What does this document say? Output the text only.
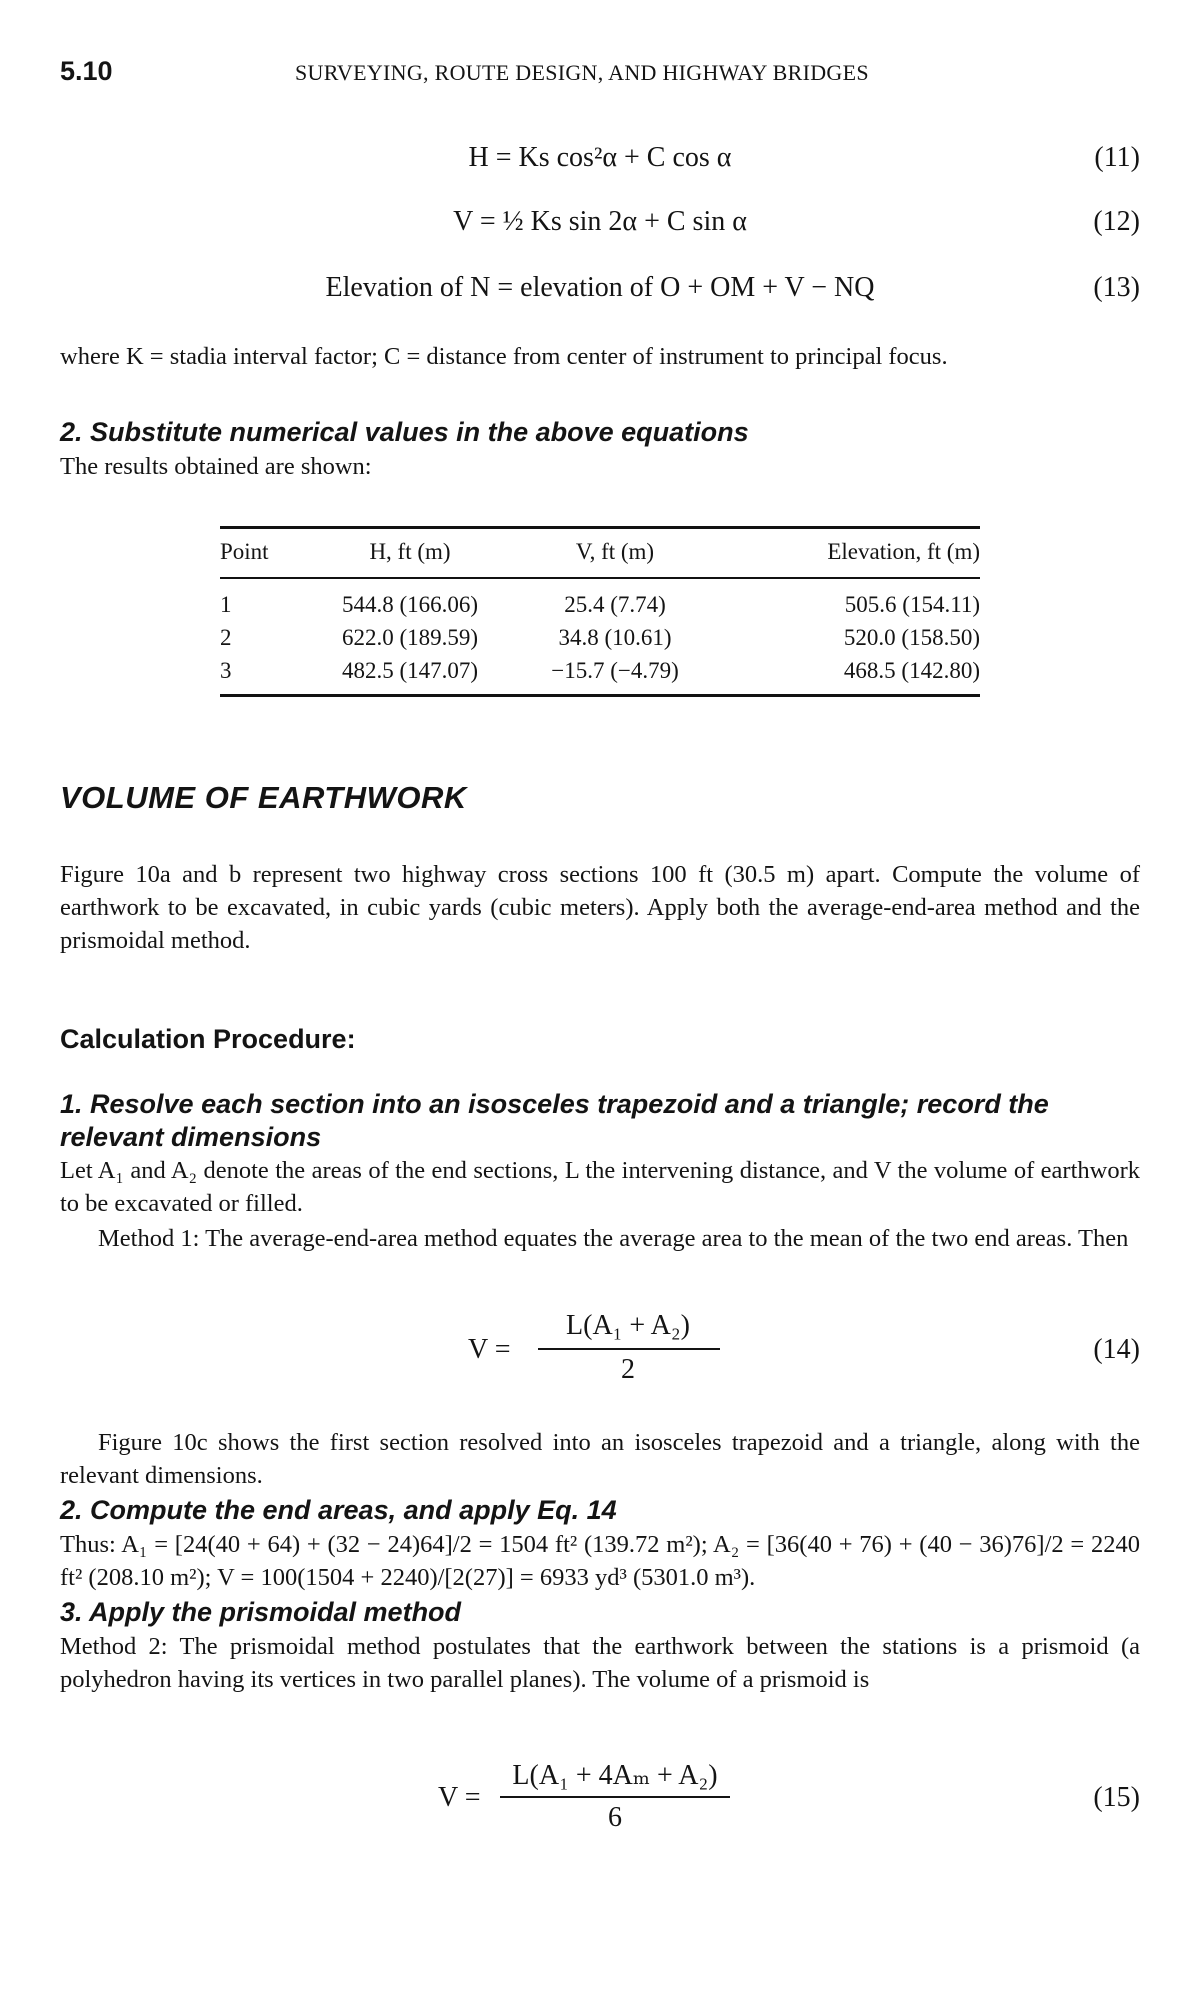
5.10	SURVEYING, ROUTE DESIGN, AND HIGHWAY BRIDGES
H = Ks cos²α + C cos α	(11)
V = ½ Ks sin 2α + C sin α	(12)
Elevation of N = elevation of O + OM + V − NQ	(13)

where K = stadia interval factor; C = distance from center of instrument to principal focus.

2. Substitute numerical values in the above equations

The results obtained are shown:

Point	H, ft (m)	V, ft (m)	Elevation, ft (m)
1	544.8 (166.06)	25.4 (7.74)	505.6 (154.11)
2	622.0 (189.59)	34.8 (10.61)	520.0 (158.50)
3	482.5 (147.07)	−15.7 (−4.79)	468.5 (142.80)
VOLUME OF EARTHWORK

Figure 10a and b represent two highway cross sections 100 ft (30.5 m) apart. Compute the volume of earthwork to be excavated, in cubic yards (cubic meters). Apply both the average-end-area method and the prismoidal method.

Calculation Procedure:

1. Resolve each section into an isosceles trapezoid and a triangle; record the relevant dimensions

Let A₁ and A₂ denote the areas of the end sections, L the intervening distance, and V the volume of earthwork to be excavated or filled.

Method 1: The average-end-area method equates the average area to the mean of the two end areas. Then

V =
L(A₁ + A₂)
2
(14)

Figure 10c shows the first section resolved into an isosceles trapezoid and a triangle, along with the relevant dimensions.

2. Compute the end areas, and apply Eq. 14

Thus: A₁ = [24(40 + 64) + (32 − 24)64]/2 = 1504 ft² (139.72 m²); A₂ = [36(40 + 76) + (40 − 36)76]/2 = 2240 ft² (208.10 m²); V = 100(1504 + 2240)/[2(27)] = 6933 yd³ (5301.0 m³).

3. Apply the prismoidal method

Method 2: The prismoidal method postulates that the earthwork between the stations is a prismoid (a polyhedron having its vertices in two parallel planes). The volume of a prismoid is

V =
L(A₁ + 4Aₘ + A₂)
6
(15)
